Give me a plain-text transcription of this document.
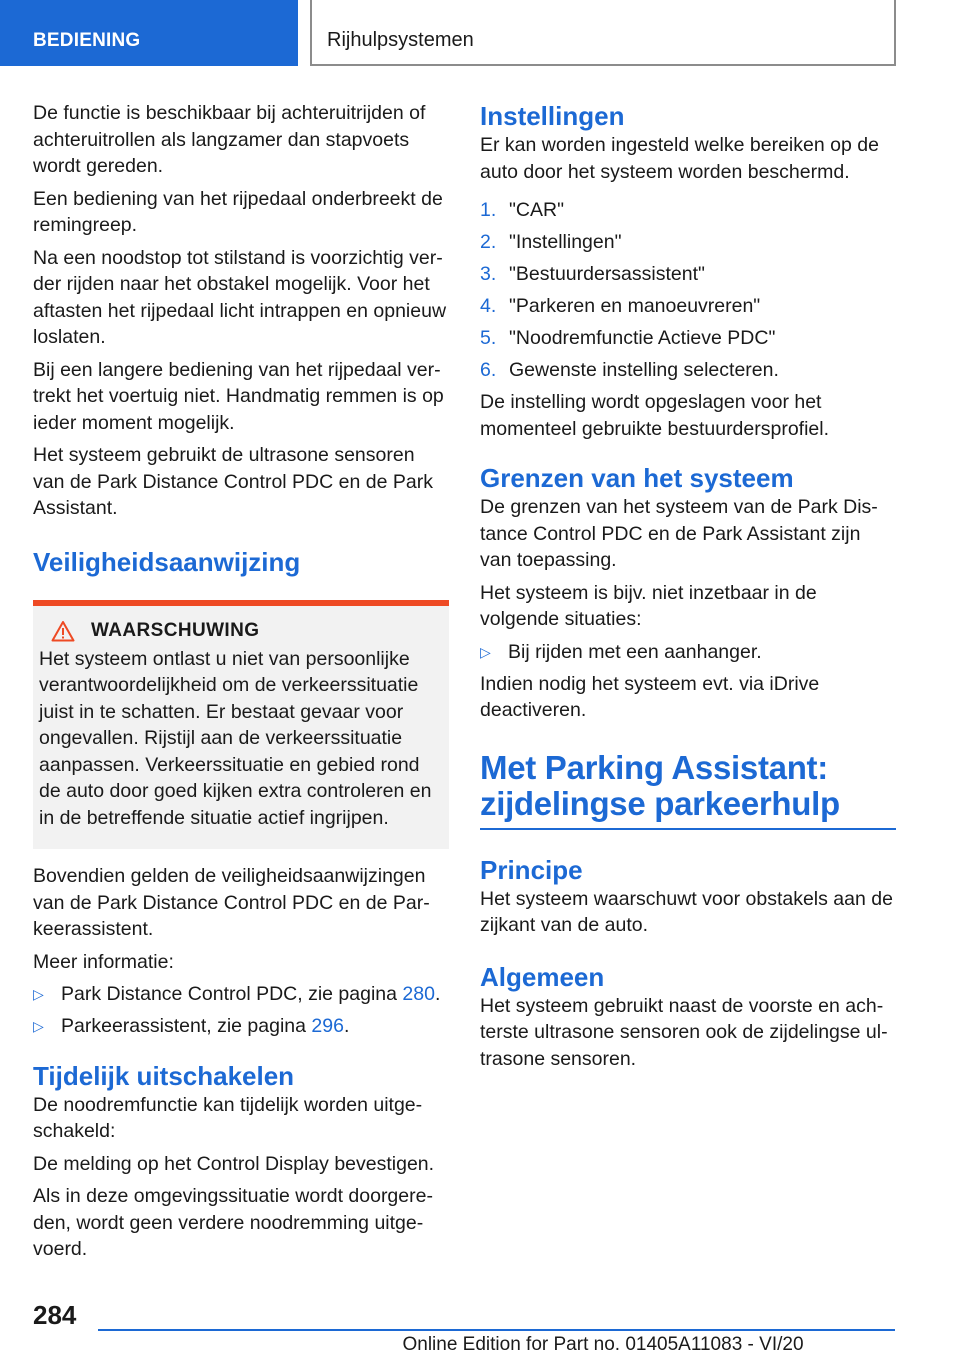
BEDIENING	Rijhulpsystemen

De functie is beschikbaar bij achteruitrijden of achteruitrollen als langzamer dan stapvoets wordt gereden.

Een bediening van het rijpedaal onderbreekt de remingreep.

Na een noodstop tot stilstand is voorzichtig verder rijden naar het obstakel mogelijk. Voor het aftasten het rijpedaal licht intrappen en opnieuw loslaten.

Bij een langere bediening van het rijpedaal vertrekt het voertuig niet. Handmatig remmen is op ieder moment mogelijk.

Het systeem gebruikt de ultrasone sensoren van de Park Distance Control PDC en de Park Assistant.

Veiligheidsaanwijzing
WAARSCHUWING

Het systeem ontlast u niet van persoonlijke verantwoordelijkheid om de verkeerssituatie juist in te schatten. Er bestaat gevaar voor ongevallen. Rijstijl aan de verkeerssituatie aanpassen. Verkeerssituatie en gebied rond de auto door goed kijken extra controleren en in de betreffende situatie actief ingrijpen.

Bovendien gelden de veiligheidsaanwijzingen van de Park Distance Control PDC en de Parkeerassistent.

Meer informatie:

▷ Park Distance Control PDC, zie pagina 280.
▷ Parkeerassistent, zie pagina 296.
Tijdelijk uitschakelen

De noodremfunctie kan tijdelijk worden uitgeschakeld:

De melding op het Control Display bevestigen.

Als in deze omgevingssituatie wordt doorgereden, wordt geen verdere noodremming uitgevoerd.

Instellingen

Er kan worden ingesteld welke bereiken op de auto door het systeem worden beschermd.

1. "CAR"
2. "Instellingen"
3. "Bestuurdersassistent"
4. "Parkeren en manoeuvreren"
5. "Noodremfunctie Actieve PDC"
6. Gewenste instelling selecteren.

De instelling wordt opgeslagen voor het momenteel gebruikte bestuurdersprofiel.

Grenzen van het systeem

De grenzen van het systeem van de Park Distance Control PDC en de Park Assistant zijn van toepassing.

Het systeem is bijv. niet inzetbaar in de volgende situaties:

▷ Bij rijden met een aanhanger.

Indien nodig het systeem evt. via iDrive deactiveren.

Met Parking Assistant: zijdelingse parkeerhulp
Principe

Het systeem waarschuwt voor obstakels aan de zijkant van de auto.

Algemeen

Het systeem gebruikt naast de voorste en achterste ultrasone sensoren ook de zijdelingse ultrasone sensoren.

284
Online Edition for Part no. 01405A11083 - VI/20
